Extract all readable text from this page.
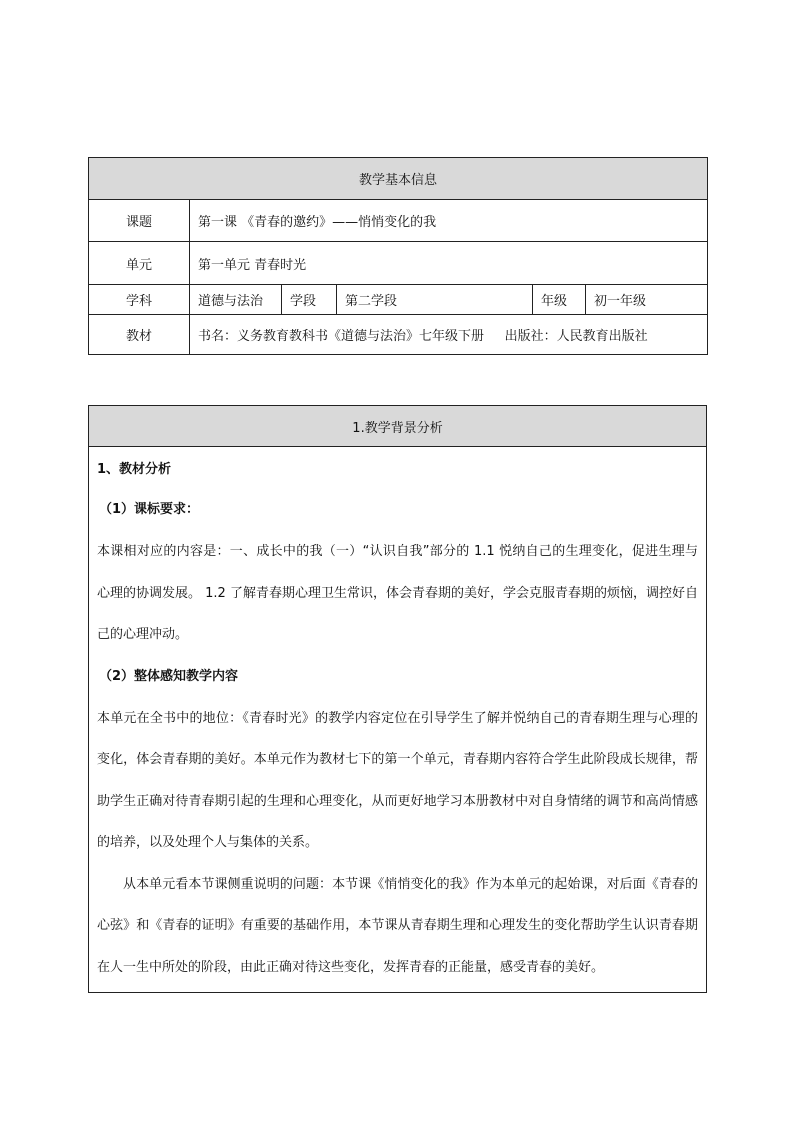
教学基本信息					
课题	第一课 《青春的邀约》——悄悄变化的我				
单元	第一单元 青春时光				
学科	道德与法治	学段	第二学段	年级	初一年级
教材	书名：义务教育教科书《道德与法治》七年级下册     出版社：人民教育出版社				
1.教学背景分析

1、教材分析
（1）课标要求：

本课相对应的内容是：一、成长中的我（一）“认识自我”部分的 1.1 悦纳自己的生理变化，促进生理与心理的协调发展。 1.2 了解青春期心理卫生常识，体会青春期的美好，学会克服青春期的烦恼，调控好自己的心理冲动。

（2）整体感知教学内容

本单元在全书中的地位：《青春时光》的教学内容定位在引导学生了解并悦纳自己的青春期生理与心理的变化，体会青春期的美好。本单元作为教材七下的第一个单元，青春期内容符合学生此阶段成长规律，帮助学生正确对待青春期引起的生理和心理变化，从而更好地学习本册教材中对自身情绪的调节和高尚情感的培养，以及处理个人与集体的关系。

从本单元看本节课侧重说明的问题：本节课《悄悄变化的我》作为本单元的起始课，对后面《青春的心弦》和《青春的证明》有重要的基础作用，本节课从青春期生理和心理发生的变化帮助学生认识青春期在人一生中所处的阶段，由此正确对待这些变化，发挥青春的正能量，感受青春的美好。
